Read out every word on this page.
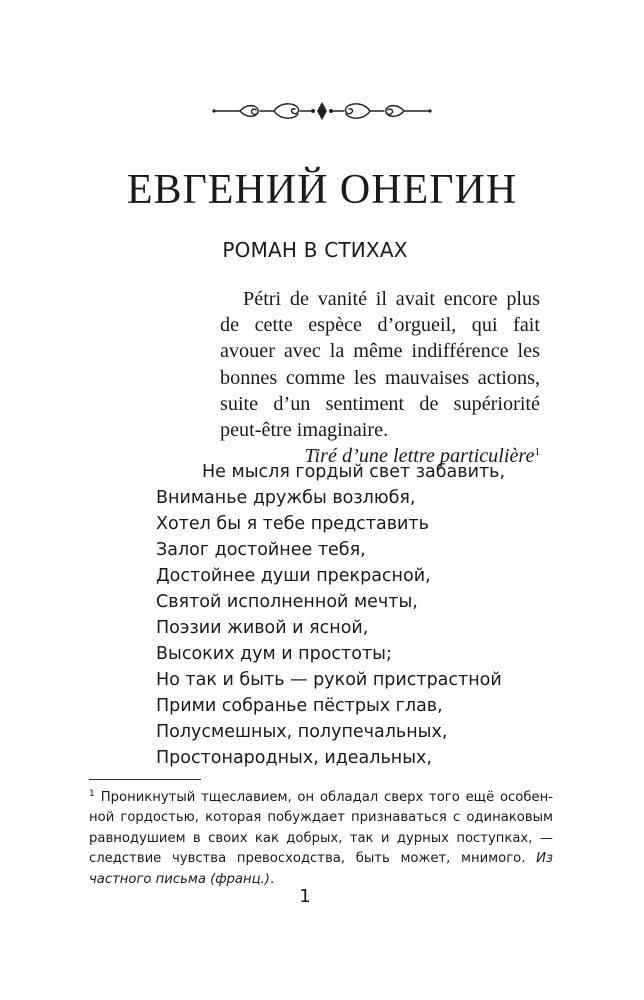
ЕВГЕНИЙ ОНЕГИН
РОМАН В СТИХАХ

Pétri de vanité il avait encore plus de cette espèce d’orgueil, qui fait avouer avec la même indifférence les bonnes comme les mauvaises actions, suite d’un sentiment de supériorité peut-être imaginaire.

Tiré d’une lettre particulière$^1$

Не мысля гордый свет забавить,
Вниманье дружбы возлюбя,
Хотел бы я тебе представить
Залог достойнее тебя,
Достойнее души прекрасной,
Святой исполненной мечты,
Поэзии живой и ясной,
Высоких дум и простоты;
Но так и быть — рукой пристрастной
Прими собранье пёстрых глав,
Полусмешных, полупечальных,
Простонародных, идеальных,
$^1$ Проникнутый тщеславием, он обладал сверх того ещё особенной гордостью, которая побуждает признаваться с одинаковым равнодушием в своих как добрых, так и дурных поступках, — следствие чувства превосходства, быть может, мнимого. Из частного письма (франц.).
1
